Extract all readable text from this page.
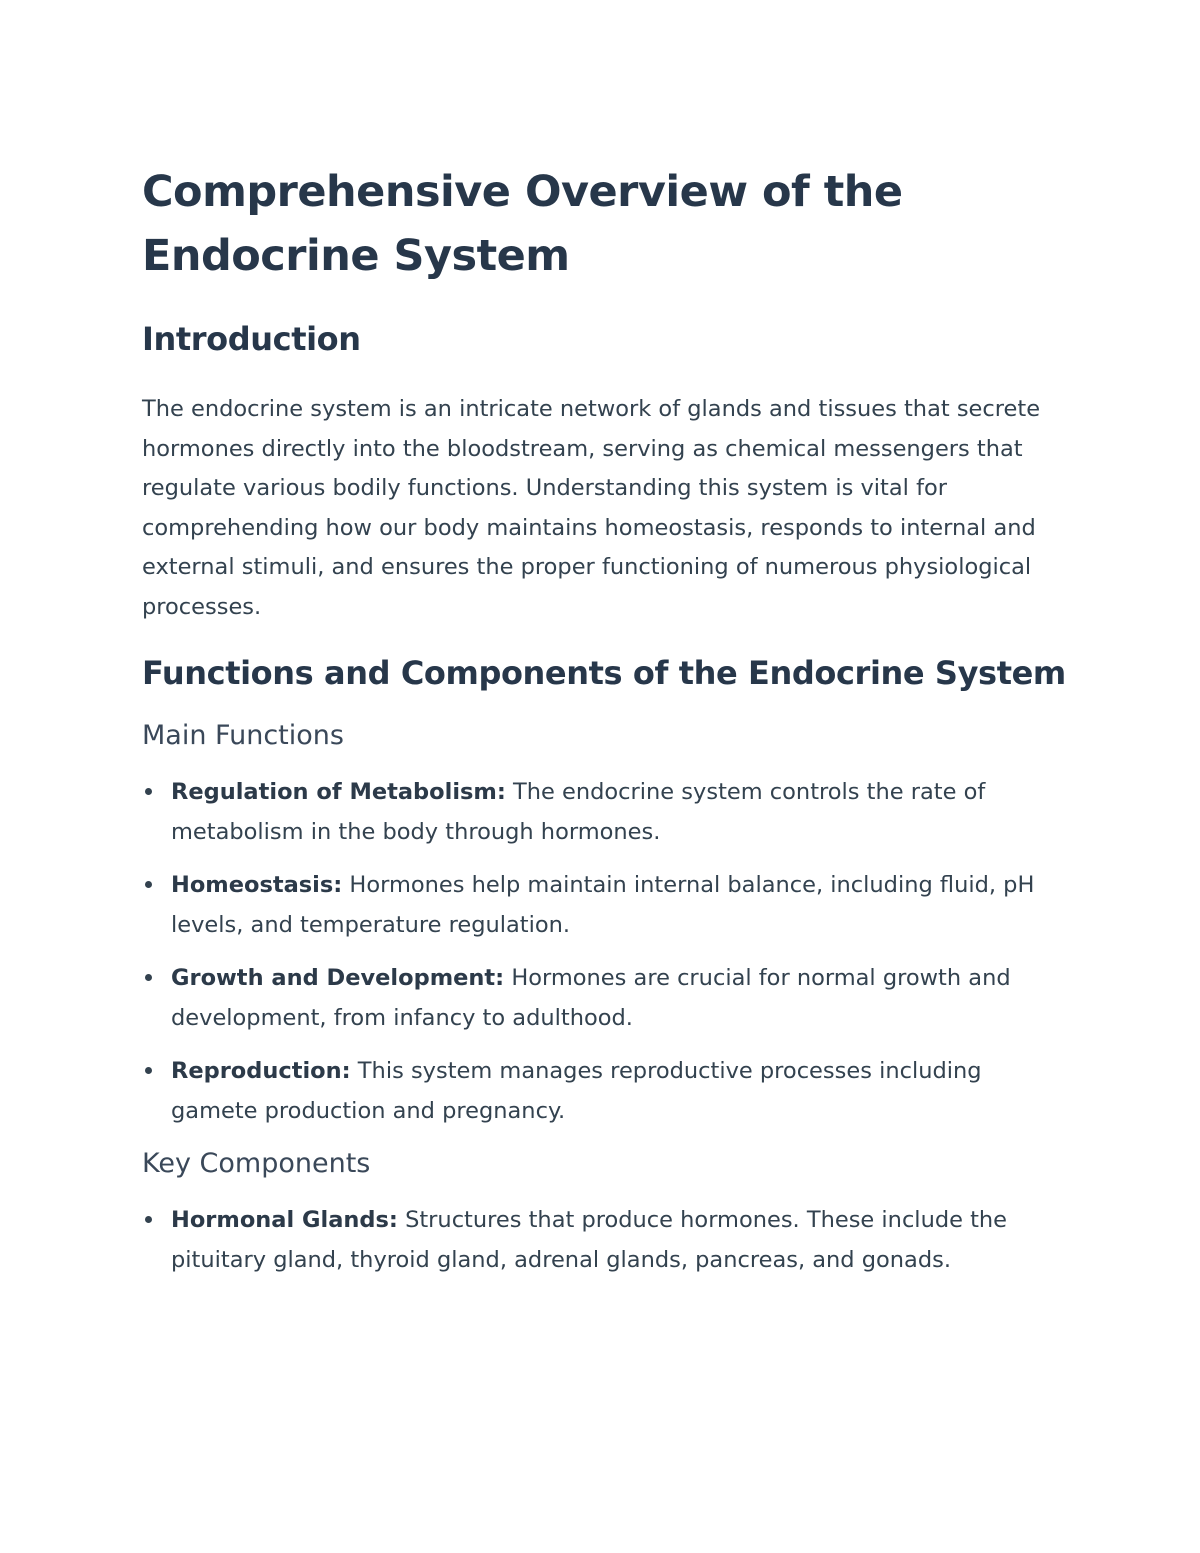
Comprehensive Overview of the Endocrine System
Introduction

The endocrine system is an intricate network of glands and tissues that secrete hormones directly into the bloodstream, serving as chemical messengers that regulate various bodily functions. Understanding this system is vital for comprehending how our body maintains homeostasis, responds to internal and external stimuli, and ensures the proper functioning of numerous physiological processes.

Functions and Components of the Endocrine System
Main Functions
Regulation of Metabolism: The endocrine system controls the rate of metabolism in the body through hormones.
Homeostasis: Hormones help maintain internal balance, including fluid, pH levels, and temperature regulation.
Growth and Development: Hormones are crucial for normal growth and development, from infancy to adulthood.
Reproduction: This system manages reproductive processes including gamete production and pregnancy.
Key Components
Hormonal Glands: Structures that produce hormones. These include the pituitary gland, thyroid gland, adrenal glands, pancreas, and gonads.
